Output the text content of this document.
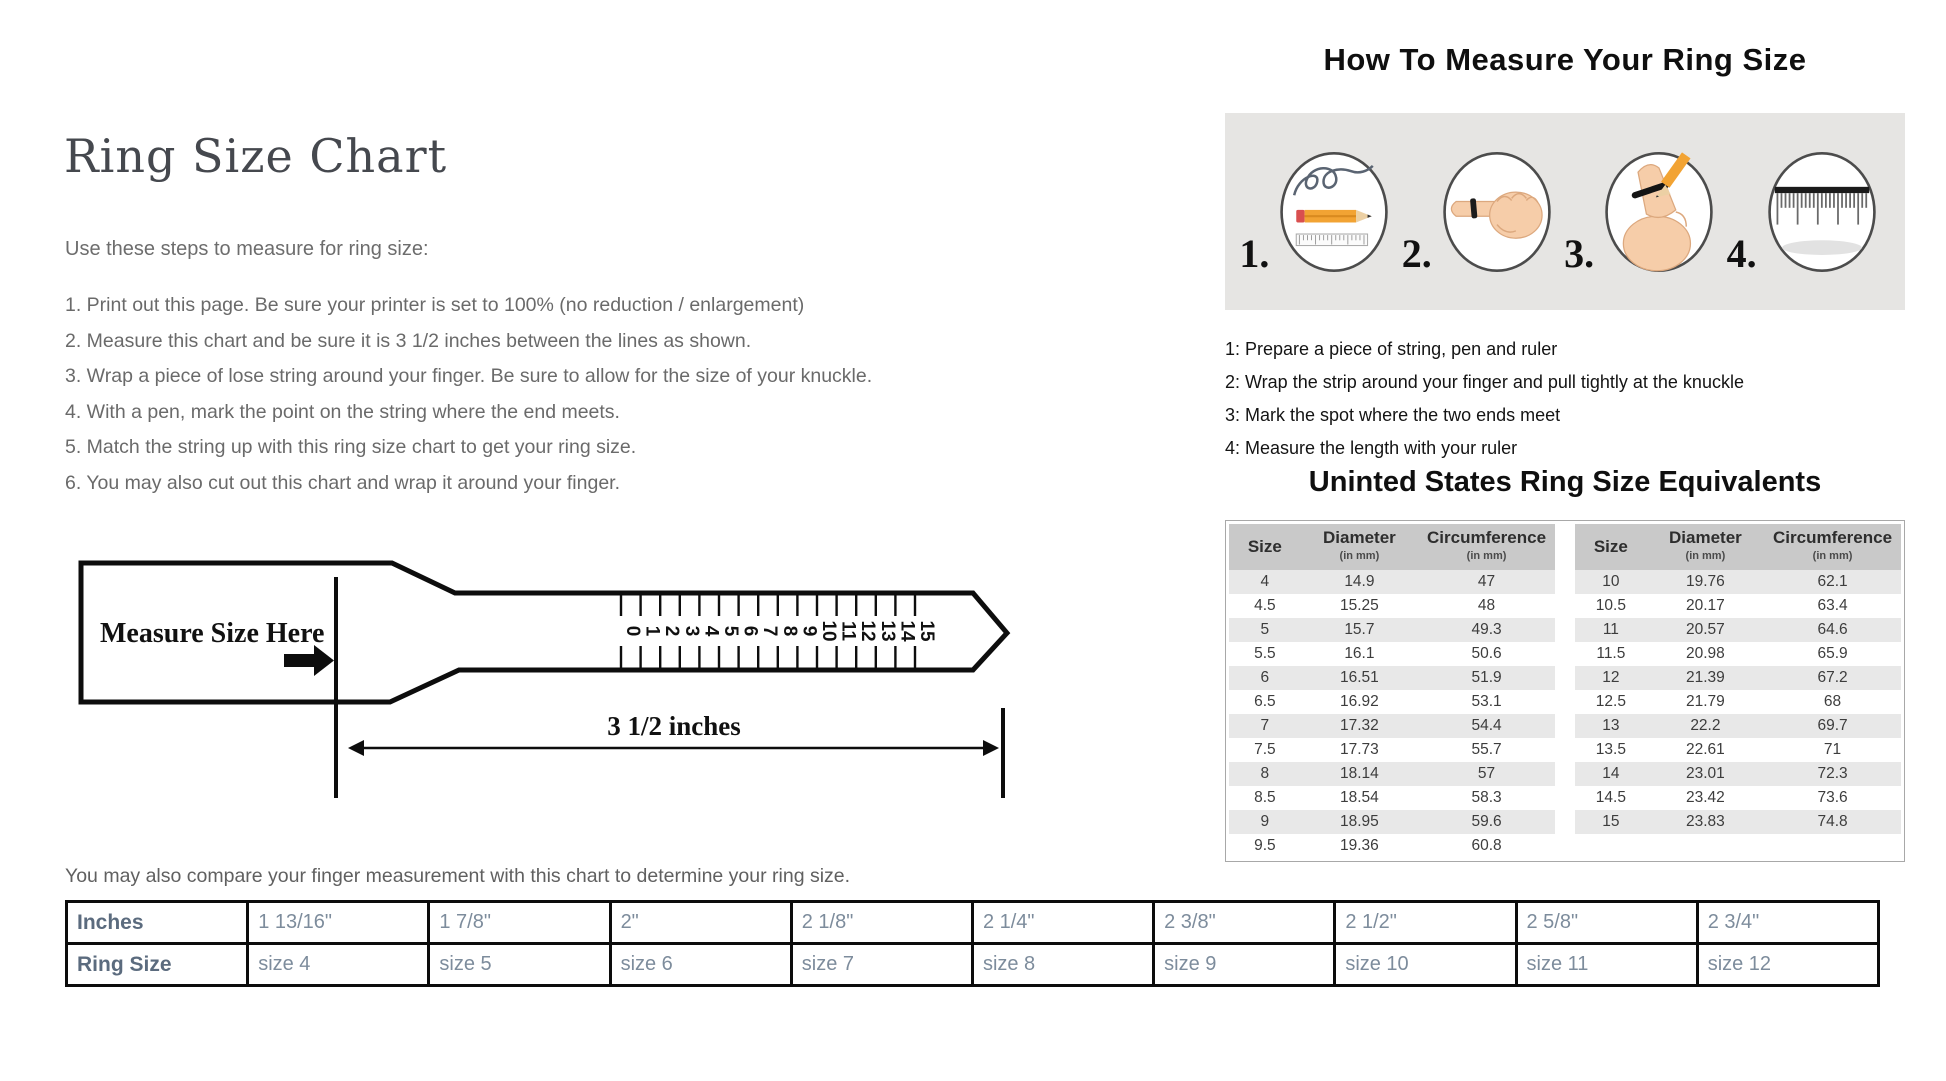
Ring Size Chart

Use these steps to measure for ring size:

1. Print out this page. Be sure your printer is set to 100% (no reduction / enlargement)
2. Measure this chart and be sure it is 3 1/2 inches between the lines as shown.
3. Wrap a piece of lose string around your finger. Be sure to allow for the size of your knuckle.
4. With a pen, mark the point on the string where the end meets.
5. Match the string up with this ring size chart to get your ring size.
6. You may also cut out this chart and wrap it around your finger.
Measure Size Here	0
1
2
3
4
5
6
7
8
9
10
11
12
13
14
15
3 1/2 inches

You may also compare your finger measurement with this chart to determine your ring size.

Inches	1 13/16"	1 7/8"	2"	2 1/8"	2 1/4"	2 3/8"	2 1/2"	2 5/8"	2 3/4"
Ring Size	size 4	size 5	size 6	size 7	size 8	size 9	size 10	size 11	size 12
How To Measure Your Ring Size
1.	2.	3.	4.
1: Prepare a piece of string, pen and ruler
2: Wrap the strip around your finger and pull tightly at the knuckle
3: Mark the spot where the two ends meet
4: Measure the length with your ruler
Uninted States Ring Size Equivalents
Size	Diameter
(in mm)

Circumference
(in mm)

4	14.9	47
4.5	15.25	48
5	15.7	49.3
5.5	16.1	50.6
6	16.51	51.9
6.5	16.92	53.1
7	17.32	54.4
7.5	17.73	55.7
8	18.14	57
8.5	18.54	58.3
9	18.95	59.6
9.5	19.36	60.8
Size	Diameter
(in mm)

Circumference
(in mm)

10	19.76	62.1
10.5	20.17	63.4
11	20.57	64.6
11.5	20.98	65.9
12	21.39	67.2
12.5	21.79	68
13	22.2	69.7
13.5	22.61	71
14	23.01	72.3
14.5	23.42	73.6
15	23.83	74.8
